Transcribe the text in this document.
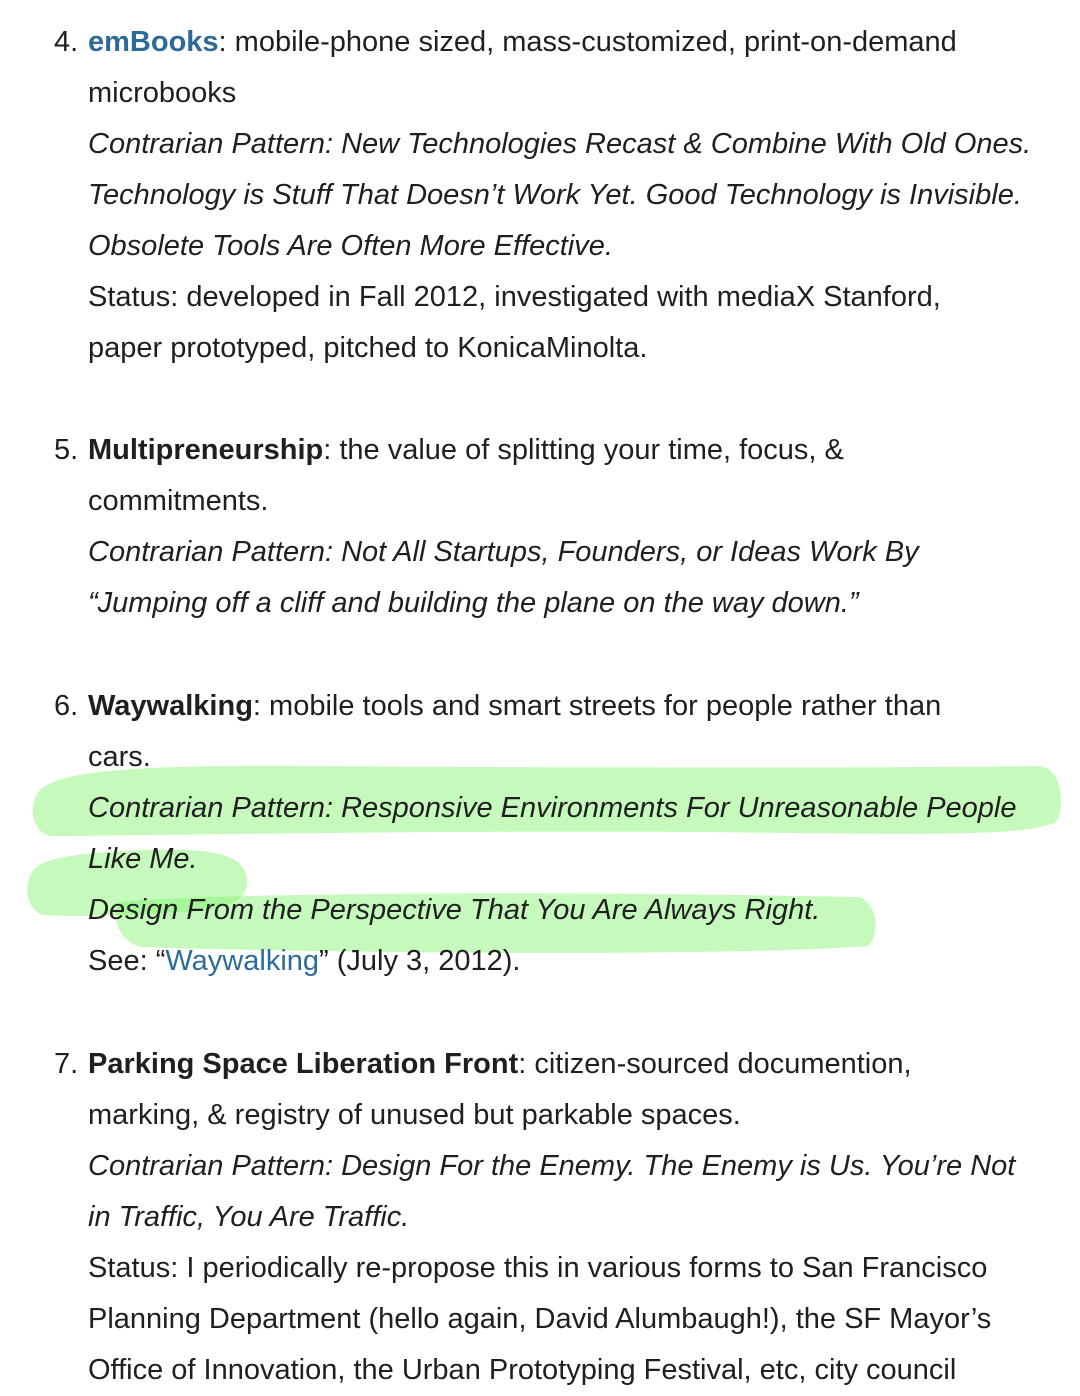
4. emBooks: mobile-phone sized, mass-customized, print-on-demand
microbooks
Contrarian Pattern: New Technologies Recast & Combine With Old Ones.
Technology is Stuff That Doesn’t Work Yet. Good Technology is Invisible.
Obsolete Tools Are Often More Effective.
Status: developed in Fall 2012, investigated with mediaX Stanford,
paper prototyped, pitched to KonicaMinolta.
5. Multipreneurship: the value of splitting your time, focus, &
commitments.
Contrarian Pattern: Not All Startups, Founders, or Ideas Work By
“Jumping off a cliff and building the plane on the way down.”
6. Waywalking: mobile tools and smart streets for people rather than
cars.
Contrarian Pattern: Responsive Environments For Unreasonable People
Like Me.
Design From the Perspective That You Are Always Right.
See: “Waywalking” (July 3, 2012).
7. Parking Space Liberation Front: citizen-sourced documention,
marking, & registry of unused but parkable spaces.
Contrarian Pattern: Design For the Enemy. The Enemy is Us. You’re Not
in Traffic, You Are Traffic.
Status: I periodically re-propose this in various forms to San Francisco
Planning Department (hello again, David Alumbaugh!), the SF Mayor’s
Office of Innovation, the Urban Prototyping Festival, etc, city council
